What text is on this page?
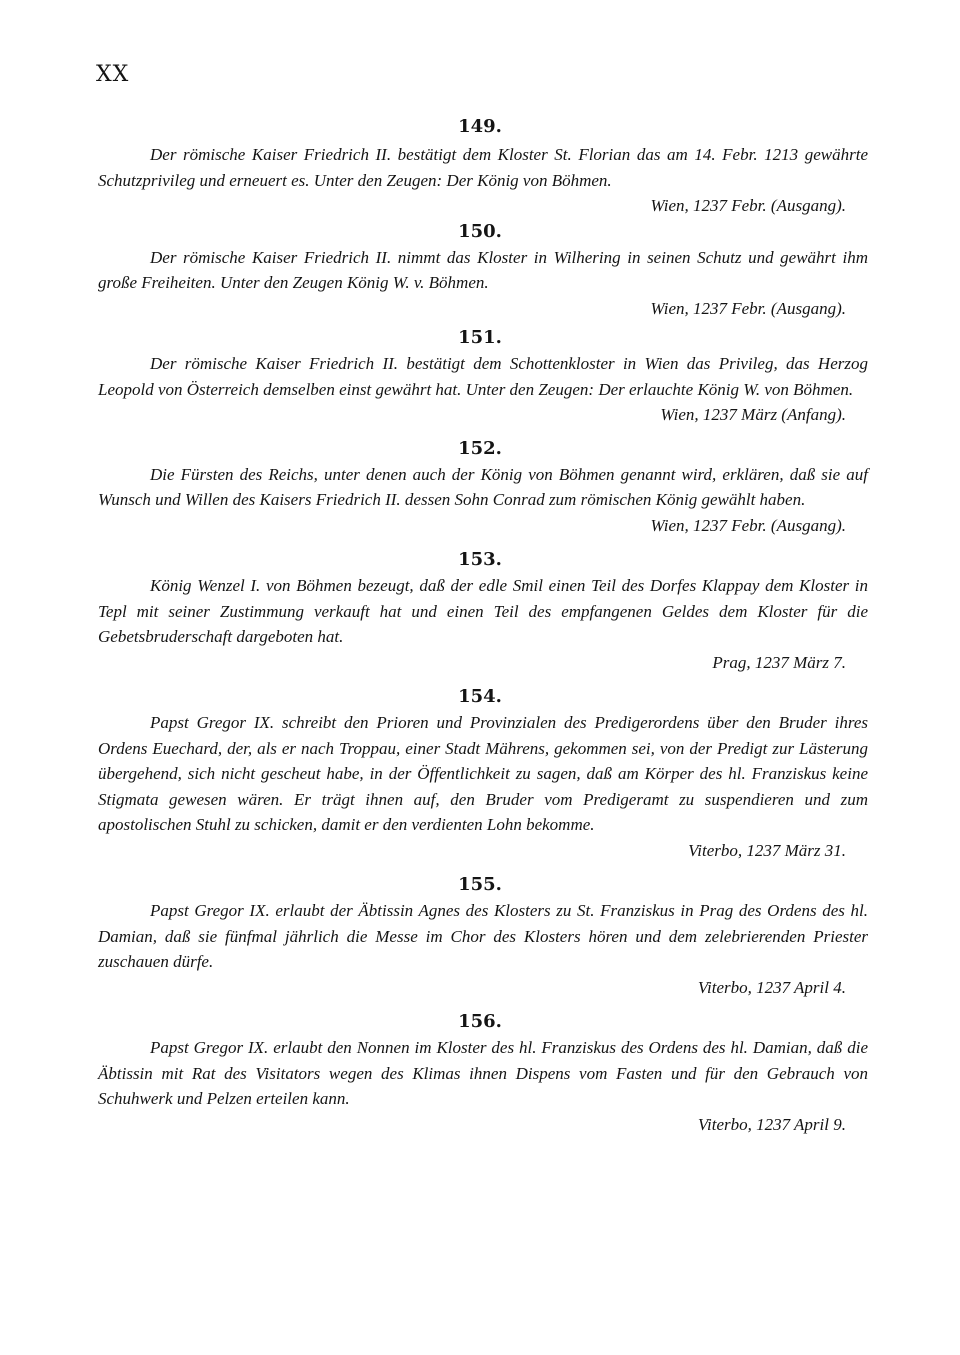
XX

149.

Der römische Kaiser Friedrich II. bestätigt dem Kloster St. Florian das am 14. Febr. 1213 gewährte Schutzprivileg und erneuert es. Unter den Zeugen: Der König von Böhmen.

Wien, 1237 Febr. (Ausgang).

150.

Der römische Kaiser Friedrich II. nimmt das Kloster in Wilhering in seinen Schutz und gewährt ihm große Freiheiten. Unter den Zeugen König W. v. Böhmen.

Wien, 1237 Febr. (Ausgang).

151.

Der römische Kaiser Friedrich II. bestätigt dem Schottenkloster in Wien das Privileg, das Herzog Leopold von Österreich demselben einst gewährt hat. Unter den Zeugen: Der erlauchte König W. von Böhmen.

Wien, 1237 März (Anfang).

152.

Die Fürsten des Reichs, unter denen auch der König von Böhmen genannt wird, erklären, daß sie auf Wunsch und Willen des Kaisers Friedrich II. dessen Sohn Conrad zum römischen König gewählt haben.

Wien, 1237 Febr. (Ausgang).

153.

König Wenzel I. von Böhmen bezeugt, daß der edle Smil einen Teil des Dorfes Klappay dem Kloster in Tepl mit seiner Zustimmung verkauft hat und einen Teil des empfangenen Geldes dem Kloster für die Gebetsbruderschaft dargeboten hat.

Prag, 1237 März 7.

154.

Papst Gregor IX. schreibt den Prioren und Provinzialen des Predigerordens über den Bruder ihres Ordens Euechard, der, als er nach Troppau, einer Stadt Mährens, gekommen sei, von der Predigt zur Lästerung übergehend, sich nicht gescheut habe, in der Öffentlichkeit zu sagen, daß am Körper des hl. Franziskus keine Stigmata gewesen wären. Er trägt ihnen auf, den Bruder vom Predigeramt zu suspendieren und zum apostolischen Stuhl zu schicken, damit er den verdienten Lohn bekomme.

Viterbo, 1237 März 31.

155.

Papst Gregor IX. erlaubt der Äbtissin Agnes des Klosters zu St. Franziskus in Prag des Ordens des hl. Damian, daß sie fünfmal jährlich die Messe im Chor des Klosters hören und dem zelebrierenden Priester zuschauen dürfe.

Viterbo, 1237 April 4.

156.

Papst Gregor IX. erlaubt den Nonnen im Kloster des hl. Franziskus des Ordens des hl. Damian, daß die Äbtissin mit Rat des Visitators wegen des Klimas ihnen Dispens vom Fasten und für den Gebrauch von Schuhwerk und Pelzen erteilen kann.

Viterbo, 1237 April 9.
